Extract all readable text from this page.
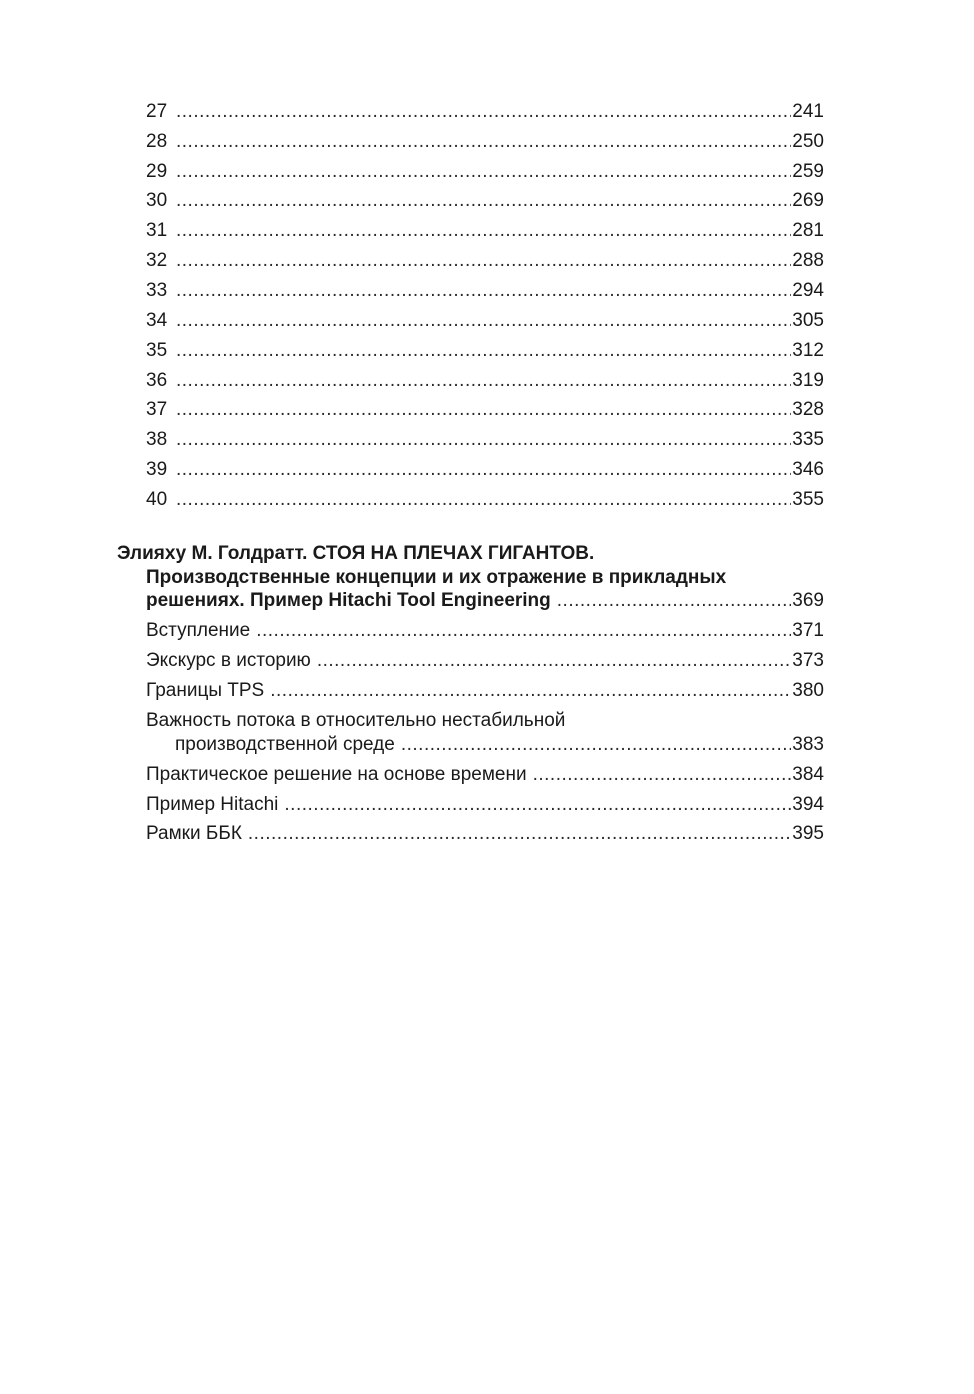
27 .....	241
28 .....	250
29 .....	259
30 .....	269
31 .....	281
32 .....	288
33 .....	294
34 .....	305
35 .....	312
36 .....	319
37 .....	328
38 .....	335
39 .....	346
40 .....	355
Элияху М. Голдратт. СТОЯ НА ПЛЕЧАХ ГИГАНТОВ.
Производственные концепции и их отражение в прикладных
решениях. Пример Hitachi Tool Engineering .....	369
Вступление .....	371
Экскурс в историю .....	373
Границы TPS .....	380
Важность потока в относительно нестабильной
производственной среде .....	383
Практическое решение на основе времени .....	384
Пример Hitachi .....	394
Рамки ББК .....	395
